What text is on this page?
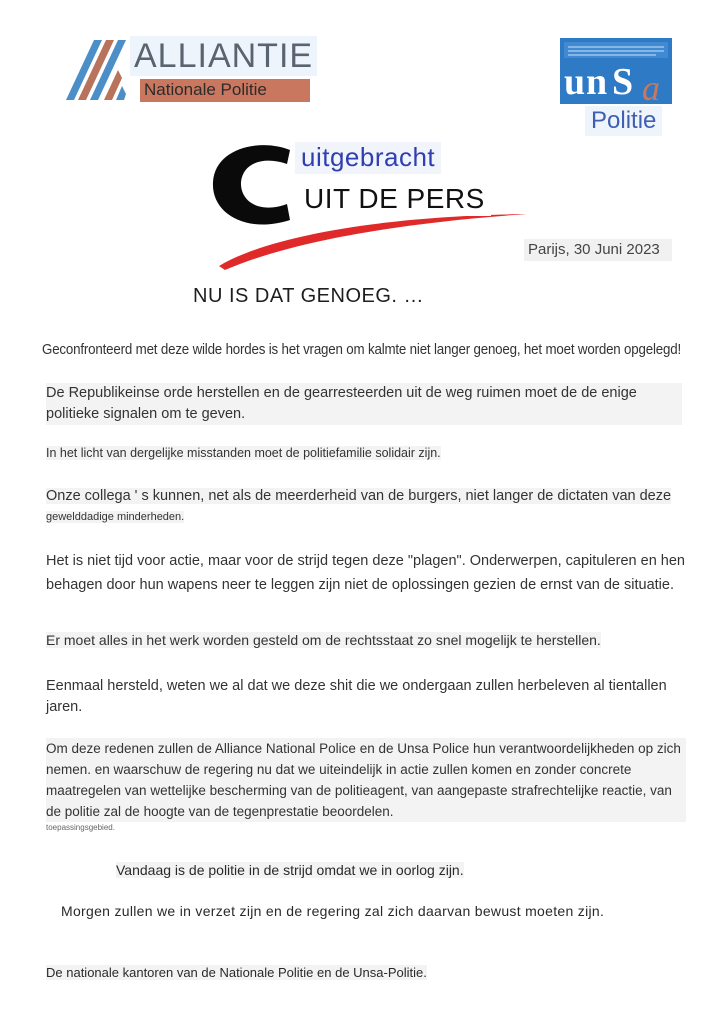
ALLIANTIE
Nationale Politie	u n S a
Politie
uitgebracht
UIT DE PERS
Parijs, 30 Juni 2023
NU IS DAT GENOEG. …
Geconfronteerd met deze wilde hordes is het vragen om kalmte niet langer genoeg, het moet worden opgelegd!
De Republikeinse orde herstellen en de gearresteerden uit de weg ruimen moet de de enige politieke signalen om te geven.
In het licht van dergelijke misstanden moet de politiefamilie solidair zijn.
Onze collega ' s kunnen, net als de meerderheid van de burgers, niet langer de dictaten van deze
gewelddadige minderheden.
Het is niet tijd voor actie, maar voor de strijd tegen deze "plagen". Onderwerpen, capituleren en hen behagen door hun wapens neer te leggen zijn niet de oplossingen gezien de ernst van de situatie.
Er moet alles in het werk worden gesteld om de rechtsstaat zo snel mogelijk te herstellen.
Eenmaal hersteld, weten we al dat we deze shit die we ondergaan zullen herbeleven al tientallen jaren.
Om deze redenen zullen de Alliance National Police en de Unsa Police hun verantwoordelijkheden op zich nemen. en waarschuw de regering nu dat we uiteindelijk in actie zullen komen en zonder concrete maatregelen van wettelijke bescherming van de politieagent, van aangepaste strafrechtelijke reactie, van de politie zal de hoogte van de tegenprestatie beoordelen.
toepassingsgebied.
Vandaag is de politie in de strijd omdat we in oorlog zijn.
Morgen zullen we in verzet zijn en de regering zal zich daarvan bewust moeten zijn.
De nationale kantoren van de Nationale Politie en de Unsa-Politie.
